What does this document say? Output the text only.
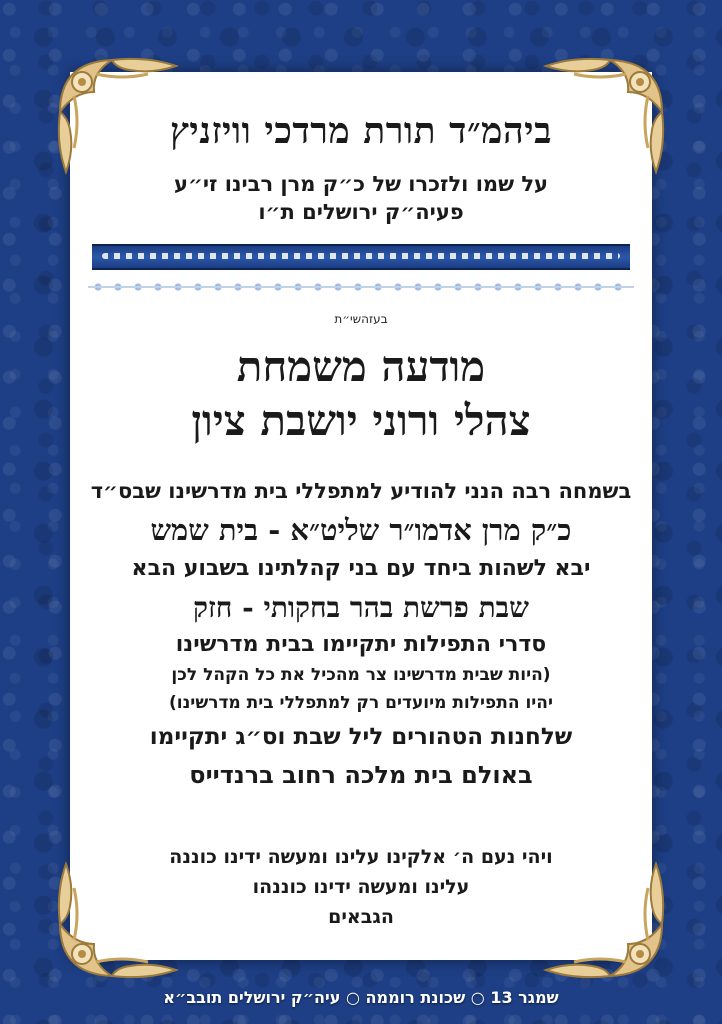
ביהמ״ד תורת מרדכי וויזניץ
על שמו ולזכרו של כ״ק מרן רבינו זי״ע
פעיה״ק ירושלים ת״ו
בעזהשי״ת
מודעה משמחת
צהלי ורוני יושבת ציון
בשמחה רבה הנני להודיע למתפללי בית מדרשינו שבס״ד
כ״ק מרן אדמו״ר שליט״א - בית שמש
יבא לשהות ביחד עם בני קהלתינו בשבוע הבא
שבת פרשת בהר בחקותי - חזק
סדרי התפילות יתקיימו בבית מדרשינו
(היות שבית מדרשינו צר מהכיל את כל הקהל לכן
יהיו התפילות מיועדים רק למתפללי בית מדרשינו)
שלחנות הטהורים ליל שבת וס״ג יתקיימו
באולם בית מלכה רחוב ברנדייס
ויהי נעם ה׳ אלקינו עלינו ומעשה ידינו כוננה
עלינו ומעשה ידינו כוננהו
הגבאים
שמגר 13 ○ שכונת רוממה ○ עיה״ק ירושלים תובב״א
